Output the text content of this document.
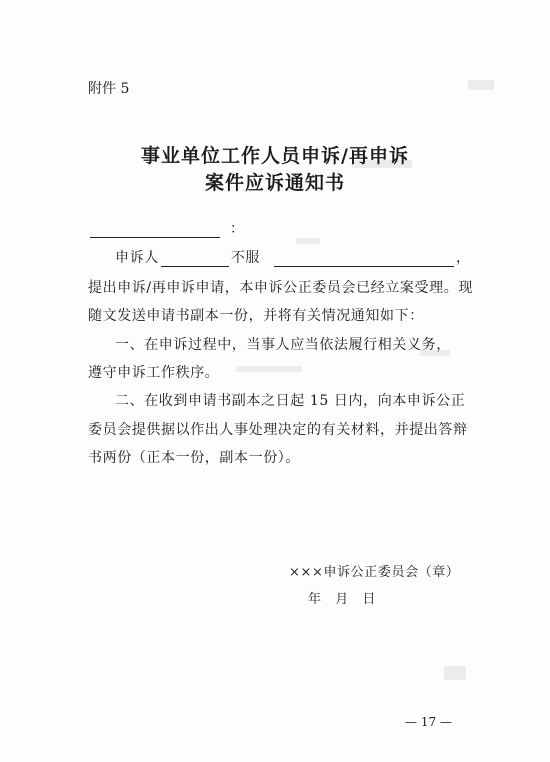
附件 5
事业单位工作人员申诉/再申诉
案件应诉通知书
：
申诉人	不服	，
提出申诉/再申诉申请，本申诉公正委员会已经立案受理。现
随文发送申请书副本一份，并将有关情况通知如下：
一、在申诉过程中，当事人应当依法履行相关义务，
遵守申诉工作秩序。
二、在收到申请书副本之日起 15 日内，向本申诉公正
委员会提供据以作出人事处理决定的有关材料，并提出答辩
书两份（正本一份，副本一份）。
×××申诉公正委员会（章）
年　月　日
— 17 —
